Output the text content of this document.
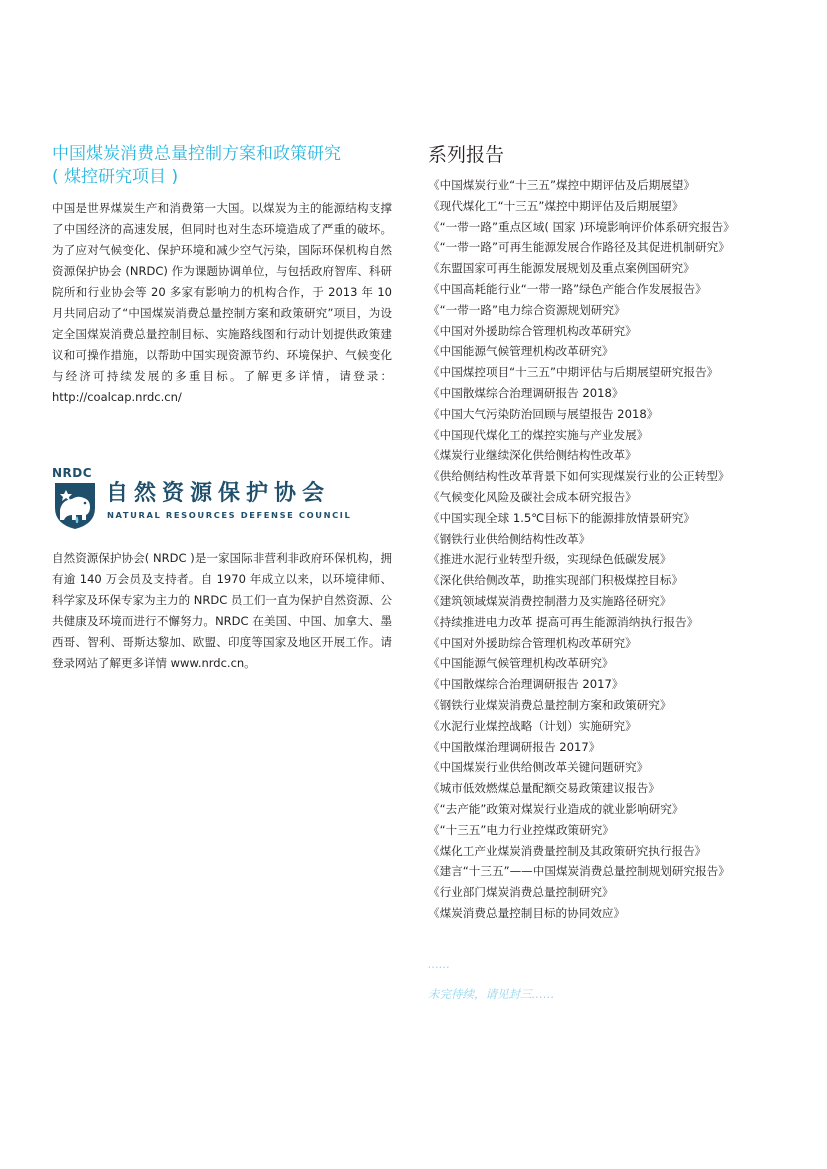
中国煤炭消费总量控制方案和政策研究
( 煤控研究项目 )

中国是世界煤炭生产和消费第一大国。以煤炭为主的能源结构支撑了中国经济的高速发展，但同时也对生态环境造成了严重的破坏。为了应对气候变化、保护环境和减少空气污染，国际环保机构自然资源保护协会 (NRDC) 作为课题协调单位，与包括政府智库、科研院所和行业协会等 20 多家有影响力的机构合作，于 2013 年 10 月共同启动了“中国煤炭消费总量控制方案和政策研究”项目，为设定全国煤炭消费总量控制目标、实施路线图和行动计划提供政策建议和可操作措施，以帮助中国实现资源节约、环境保护、气候变化与经济可持续发展的多重目标。了解更多详情，请登录：http://coalcap.nrdc.cn/

NRDC
自然资源保护协会
NATURAL RESOURCES DEFENSE COUNCIL

自然资源保护协会( NRDC )是一家国际非营利非政府环保机构，拥有逾 140 万会员及支持者。自 1970 年成立以来，以环境律师、科学家及环保专家为主力的 NRDC 员工们一直为保护自然资源、公共健康及环境而进行不懈努力。NRDC 在美国、中国、加拿大、墨西哥、智利、哥斯达黎加、欧盟、印度等国家及地区开展工作。请登录网站了解更多详情 www.nrdc.cn。

系列报告
《中国煤炭行业“十三五”煤控中期评估及后期展望》
《现代煤化工“十三五”煤控中期评估及后期展望》
《“一带一路”重点区域( 国家 )环境影响评价体系研究报告》
《“一带一路”可再生能源发展合作路径及其促进机制研究》
《东盟国家可再生能源发展规划及重点案例国研究》
《中国高耗能行业“一带一路”绿色产能合作发展报告》
《“一带一路”电力综合资源规划研究》
《中国对外援助综合管理机构改革研究》
《中国能源气候管理机构改革研究》
《中国煤控项目“十三五”中期评估与后期展望研究报告》
《中国散煤综合治理调研报告 2018》
《中国大气污染防治回顾与展望报告 2018》
《中国现代煤化工的煤控实施与产业发展》
《煤炭行业继续深化供给侧结构性改革》
《供给侧结构性改革背景下如何实现煤炭行业的公正转型》
《气候变化风险及碳社会成本研究报告》
《中国实现全球 1.5℃目标下的能源排放情景研究》
《钢铁行业供给侧结构性改革》
《推进水泥行业转型升级，实现绿色低碳发展》
《深化供给侧改革，助推实现部门积极煤控目标》
《建筑领域煤炭消费控制潜力及实施路径研究》
《持续推进电力改革 提高可再生能源消纳执行报告》
《中国对外援助综合管理机构改革研究》
《中国能源气候管理机构改革研究》
《中国散煤综合治理调研报告 2017》
《钢铁行业煤炭消费总量控制方案和政策研究》
《水泥行业煤控战略（计划）实施研究》
《中国散煤治理调研报告 2017》
《中国煤炭行业供给侧改革关键问题研究》
《城市低效燃煤总量配额交易政策建议报告》
《“去产能”政策对煤炭行业造成的就业影响研究》
《“十三五”电力行业控煤政策研究》
《煤化工产业煤炭消费量控制及其政策研究执行报告》
《建言“十三五”——中国煤炭消费总量控制规划研究报告》
《行业部门煤炭消费总量控制研究》
《煤炭消费总量控制目标的协同效应》
……
未完待续，请见封三……
